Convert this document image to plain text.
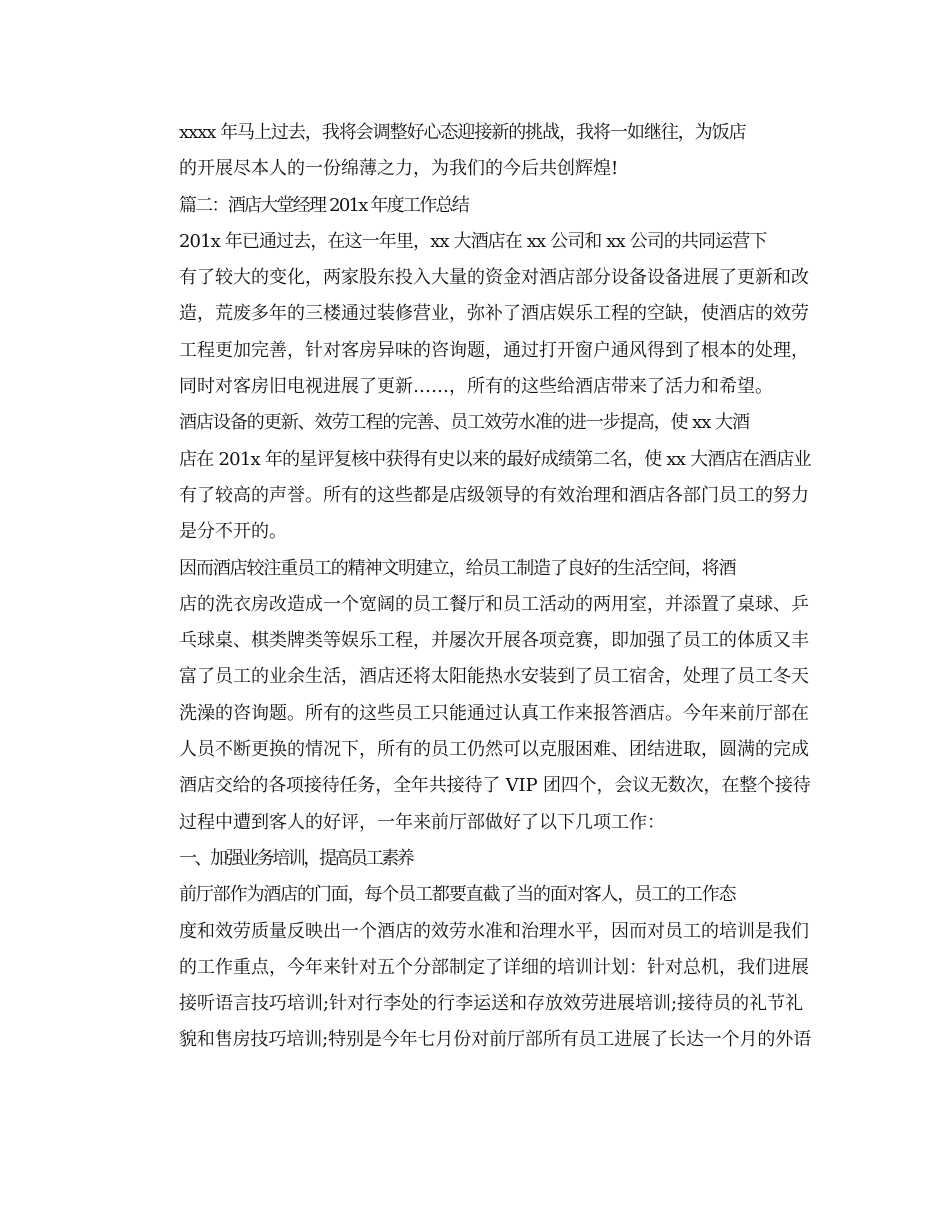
xxxx 年马上过去，我将会调整好心态迎接新的挑战，我将一如继往，为饭店
的开展尽本人的一份绵薄之力，为我们的今后共创辉煌!
篇二：酒店大堂经理 201x 年度工作总结
201x 年已通过去，在这一年里，xx 大酒店在 xx 公司和 xx 公司的共同运营下
有了较大的变化，两家股东投入大量的资金对酒店部分设备设备进展了更新和改
造，荒废多年的三楼通过装修营业，弥补了酒店娱乐工程的空缺，使酒店的效劳
工程更加完善，针对客房异味的咨询题，通过打开窗户通风得到了根本的处理，
同时对客房旧电视进展了更新……，所有的这些给酒店带来了活力和希望。
酒店设备的更新、效劳工程的完善、员工效劳水准的进一步提高，使 xx 大酒
店在 201x 年的星评复核中获得有史以来的最好成绩第二名，使 xx 大酒店在酒店业
有了较高的声誉。所有的这些都是店级领导的有效治理和酒店各部门员工的努力
是分不开的。
因而酒店较注重员工的精神文明建立，给员工制造了良好的生活空间，将酒
店的洗衣房改造成一个宽阔的员工餐厅和员工活动的两用室，并添置了桌球、乒
乓球桌、棋类牌类等娱乐工程，并屡次开展各项竞赛，即加强了员工的体质又丰
富了员工的业余生活，酒店还将太阳能热水安装到了员工宿舍，处理了员工冬天
洗澡的咨询题。所有的这些员工只能通过认真工作来报答酒店。今年来前厅部在
人员不断更换的情况下，所有的员工仍然可以克服困难、团结进取，圆满的完成
酒店交给的各项接待任务，全年共接待了 VIP 团四个，会议无数次，在整个接待
过程中遭到客人的好评，一年来前厅部做好了以下几项工作：
一、加强业务培训，提高员工素养
前厅部作为酒店的门面，每个员工都要直截了当的面对客人，员工的工作态
度和效劳质量反映出一个酒店的效劳水准和治理水平，因而对员工的培训是我们
的工作重点，今年来针对五个分部制定了详细的培训计划：针对总机，我们进展
接听语言技巧培训;针对行李处的行李运送和存放效劳进展培训;接待员的礼节礼
貌和售房技巧培训;特别是今年七月份对前厅部所有员工进展了长达一个月的外语
